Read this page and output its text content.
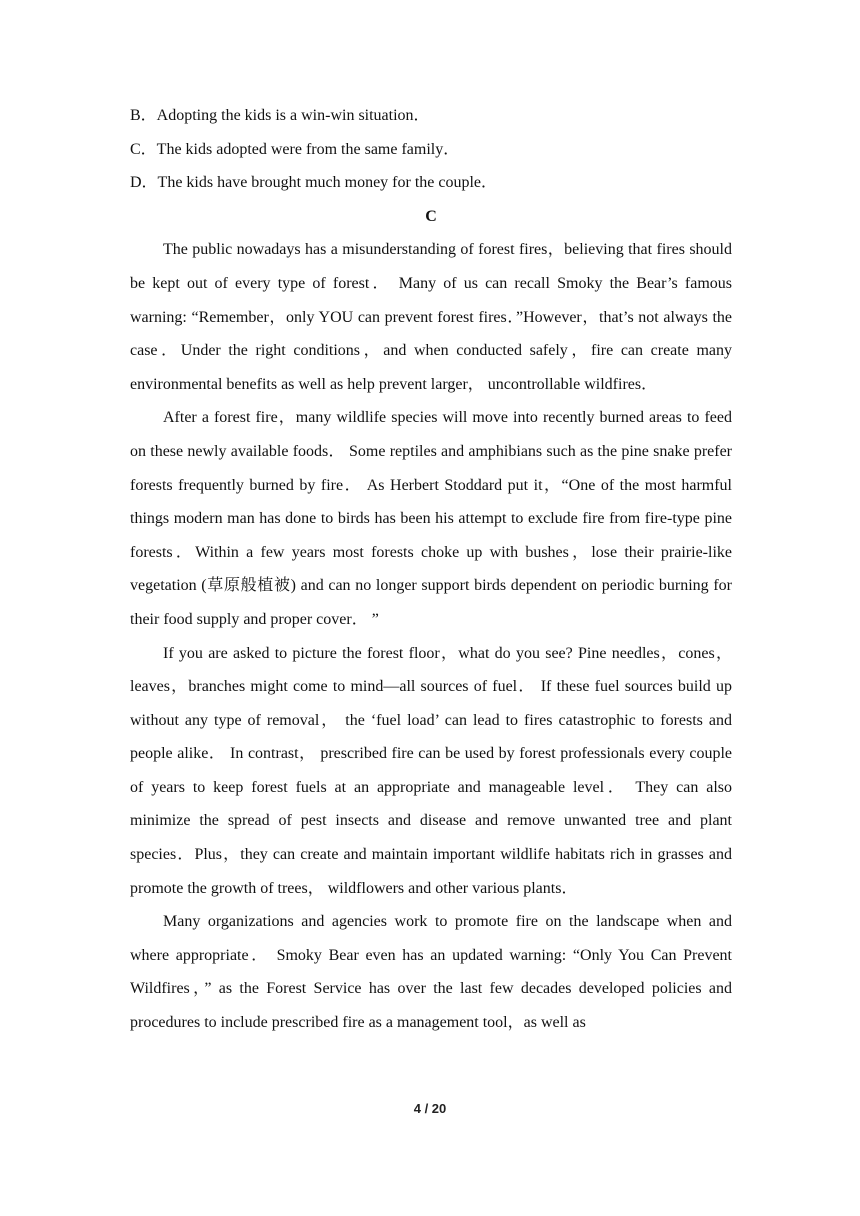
B．Adopting the kids is a win-win situation．

C．The kids adopted were from the same family．

D．The kids have brought much money for the couple．

C

The public nowadays has a misunderstanding of forest fires，believing that fires should be kept out of every type of forest． Many of us can recall Smoky the Bear’s famous warning: “Remember，only YOU can prevent forest fires．”However，that’s not always the case．Under the right conditions，and when conducted safely，fire can create many environmental benefits as well as help prevent larger， uncontrollable wildfires．

After a forest fire，many wildlife species will move into recently burned areas to feed on these newly available foods． Some reptiles and amphibians such as the pine snake prefer forests frequently burned by fire． As Herbert Stoddard put it，“One of the most harmful things modern man has done to birds has been his attempt to exclude fire from fire-type pine forests．Within a few years most forests choke up with bushes，lose their prairie-like vegetation (草原般植被) and can no longer support birds dependent on periodic burning for their food supply and proper cover． ”

If you are asked to picture the forest floor，what do you see? Pine needles，cones，leaves，branches might come to mind—all sources of fuel． If these fuel sources build up without any type of removal， the ‘fuel load’ can lead to fires catastrophic to forests and people alike． In contrast， prescribed fire can be used by forest professionals every couple of years to keep forest fuels at an appropriate and manageable level． They can also minimize the spread of pest insects and disease and remove unwanted tree and plant species．Plus，they can create and maintain important wildlife habitats rich in grasses and promote the growth of trees， wildflowers and other various plants．

Many organizations and agencies work to promote fire on the landscape when and where appropriate． Smoky Bear even has an updated warning: “Only You Can Prevent Wildfires，” as the Forest Service has over the last few decades developed policies and procedures to include prescribed fire as a management tool，as well as

4 / 20
